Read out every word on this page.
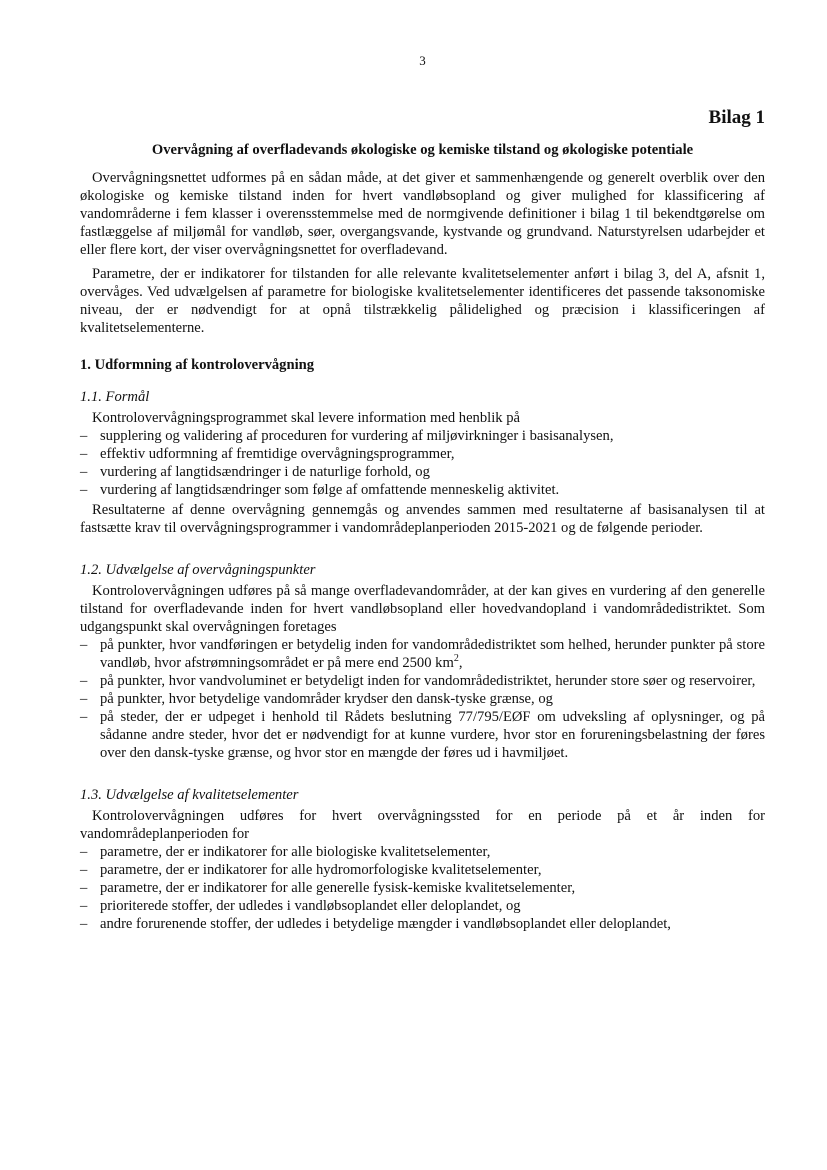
3
Bilag 1
Overvågning af overfladevands økologiske og kemiske tilstand og økologiske potentiale

Overvågningsnettet udformes på en sådan måde, at det giver et sammenhængende og generelt overblik over den økologiske og kemiske tilstand inden for hvert vandløbsopland og giver mulighed for klassificering af vandområderne i fem klasser i overensstemmelse med de normgivende definitioner i bilag 1 til bekendtgørelse om fastlæggelse af miljømål for vandløb, søer, overgangsvande, kystvande og grundvand. Naturstyrelsen udarbejder et eller flere kort, der viser overvågningsnettet for overfladevand.

Parametre, der er indikatorer for tilstanden for alle relevante kvalitetselementer anført i bilag 3, del A, afsnit 1, overvåges. Ved udvælgelsen af parametre for biologiske kvalitetselementer identificeres det passende taksonomiske niveau, der er nødvendigt for at opnå tilstrækkelig pålidelighed og præcision i klassificeringen af kvalitetselementerne.

1. Udformning af kontrolovervågning
1.1. Formål

Kontrolovervågningsprogrammet skal levere information med henblik på

– supplering og validering af proceduren for vurdering af miljøvirkninger i basisanalysen,
– effektiv udformning af fremtidige overvågningsprogrammer,
– vurdering af langtidsændringer i de naturlige forhold, og
– vurdering af langtidsændringer som følge af omfattende menneskelig aktivitet.

Resultaterne af denne overvågning gennemgås og anvendes sammen med resultaterne af basisanalysen til at fastsætte krav til overvågningsprogrammer i vandområdeplanperioden 2015-2021 og de følgende perioder.

1.2. Udvælgelse af overvågningspunkter

Kontrolovervågningen udføres på så mange overfladevandområder, at der kan gives en vurdering af den generelle tilstand for overfladevande inden for hvert vandløbsopland eller hovedvandopland i vandområdedistriktet. Som udgangspunkt skal overvågningen foretages

– på punkter, hvor vandføringen er betydelig inden for vandområdedistriktet som helhed, herunder punkter på store vandløb, hvor afstrømningsområdet er på mere end 2500 $km^2$,
– på punkter, hvor vandvoluminet er betydeligt inden for vandområdedistriktet, herunder store søer og reservoirer,
– på punkter, hvor betydelige vandområder krydser den dansk-tyske grænse, og
– på steder, der er udpeget i henhold til Rådets beslutning 77/795/EØF om udveksling af oplysninger, og på sådanne andre steder, hvor det er nødvendigt for at kunne vurdere, hvor stor en forureningsbelastning der føres over den dansk-tyske grænse, og hvor stor en mængde der føres ud i havmiljøet.
1.3. Udvælgelse af kvalitetselementer

Kontrolovervågningen udføres for hvert overvågningssted for en periode på et år inden for vandområdeplanperioden for

– parametre, der er indikatorer for alle biologiske kvalitetselementer,
– parametre, der er indikatorer for alle hydromorfologiske kvalitetselementer,
– parametre, der er indikatorer for alle generelle fysisk-kemiske kvalitetselementer,
– prioriterede stoffer, der udledes i vandløbsoplandet eller deloplandet, og
– andre forurenende stoffer, der udledes i betydelige mængder i vandløbsoplandet eller deloplandet,
